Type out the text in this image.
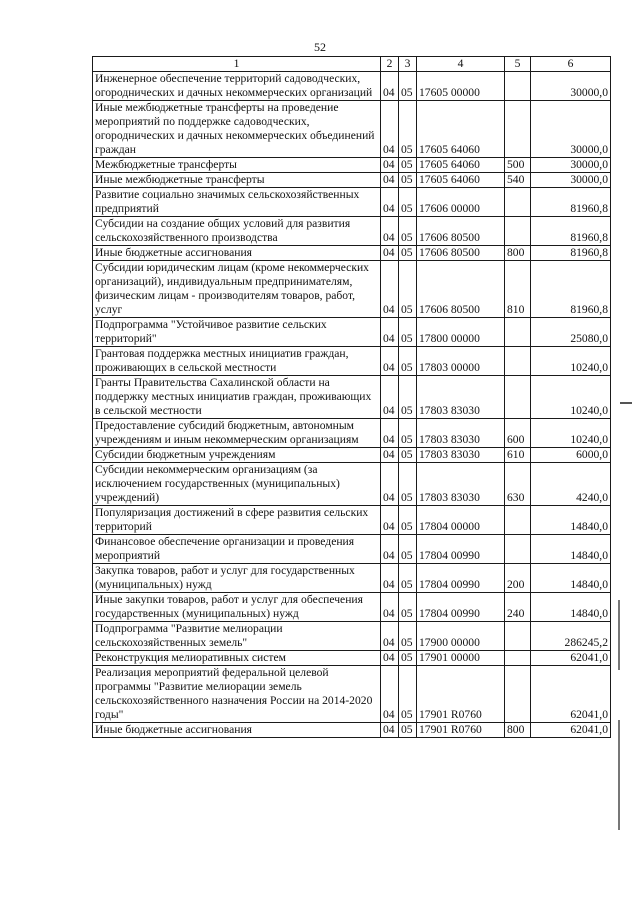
52
1	2	3	4	5	6
Инженерное обеспечение территорий садоводческих, огороднических и дачных некоммерческих организаций	04	05	17605 00000		30000,0
Иные межбюджетные трансферты на проведение мероприятий по поддержке садоводческих, огороднических и дачных некоммерческих объединений граждан	04	05	17605 64060		30000,0
Межбюджетные трансферты	04	05	17605 64060	500	30000,0
Иные межбюджетные трансферты	04	05	17605 64060	540	30000,0
Развитие социально значимых сельскохозяйственных предприятий	04	05	17606 00000		81960,8
Субсидии на создание общих условий для развития сельскохозяйственного производства	04	05	17606 80500		81960,8
Иные бюджетные ассигнования	04	05	17606 80500	800	81960,8
Субсидии юридическим лицам (кроме некоммерческих организаций), индивидуальным предпринимателям, физическим лицам - производителям товаров, работ, услуг	04	05	17606 80500	810	81960,8
Подпрограмма "Устойчивое развитие сельских территорий"	04	05	17800 00000		25080,0
Грантовая поддержка местных инициатив граждан, проживающих в сельской местности	04	05	17803 00000		10240,0
Гранты Правительства Сахалинской области на поддержку местных инициатив граждан, проживающих в сельской местности	04	05	17803 83030		10240,0
Предоставление субсидий бюджетным, автономным учреждениям и иным некоммерческим организациям	04	05	17803 83030	600	10240,0
Субсидии бюджетным учреждениям	04	05	17803 83030	610	6000,0
Субсидии некоммерческим организациям (за исключением государственных (муниципальных) учреждений)	04	05	17803 83030	630	4240,0
Популяризация достижений в сфере развития сельских территорий	04	05	17804 00000		14840,0
Финансовое обеспечение организации и проведения мероприятий	04	05	17804 00990		14840,0
Закупка товаров, работ и услуг для государственных (муниципальных) нужд	04	05	17804 00990	200	14840,0
Иные закупки товаров, работ и услуг для обеспечения государственных (муниципальных) нужд	04	05	17804 00990	240	14840,0
Подпрограмма "Развитие мелиорации сельскохозяйственных земель"	04	05	17900 00000		286245,2
Реконструкция мелиоративных систем	04	05	17901 00000		62041,0
Реализация мероприятий федеральной целевой программы "Развитие мелиорации земель сельскохозяйственного назначения России на 2014-2020 годы"	04	05	17901 R0760		62041,0
Иные бюджетные ассигнования	04	05	17901 R0760	800	62041,0
